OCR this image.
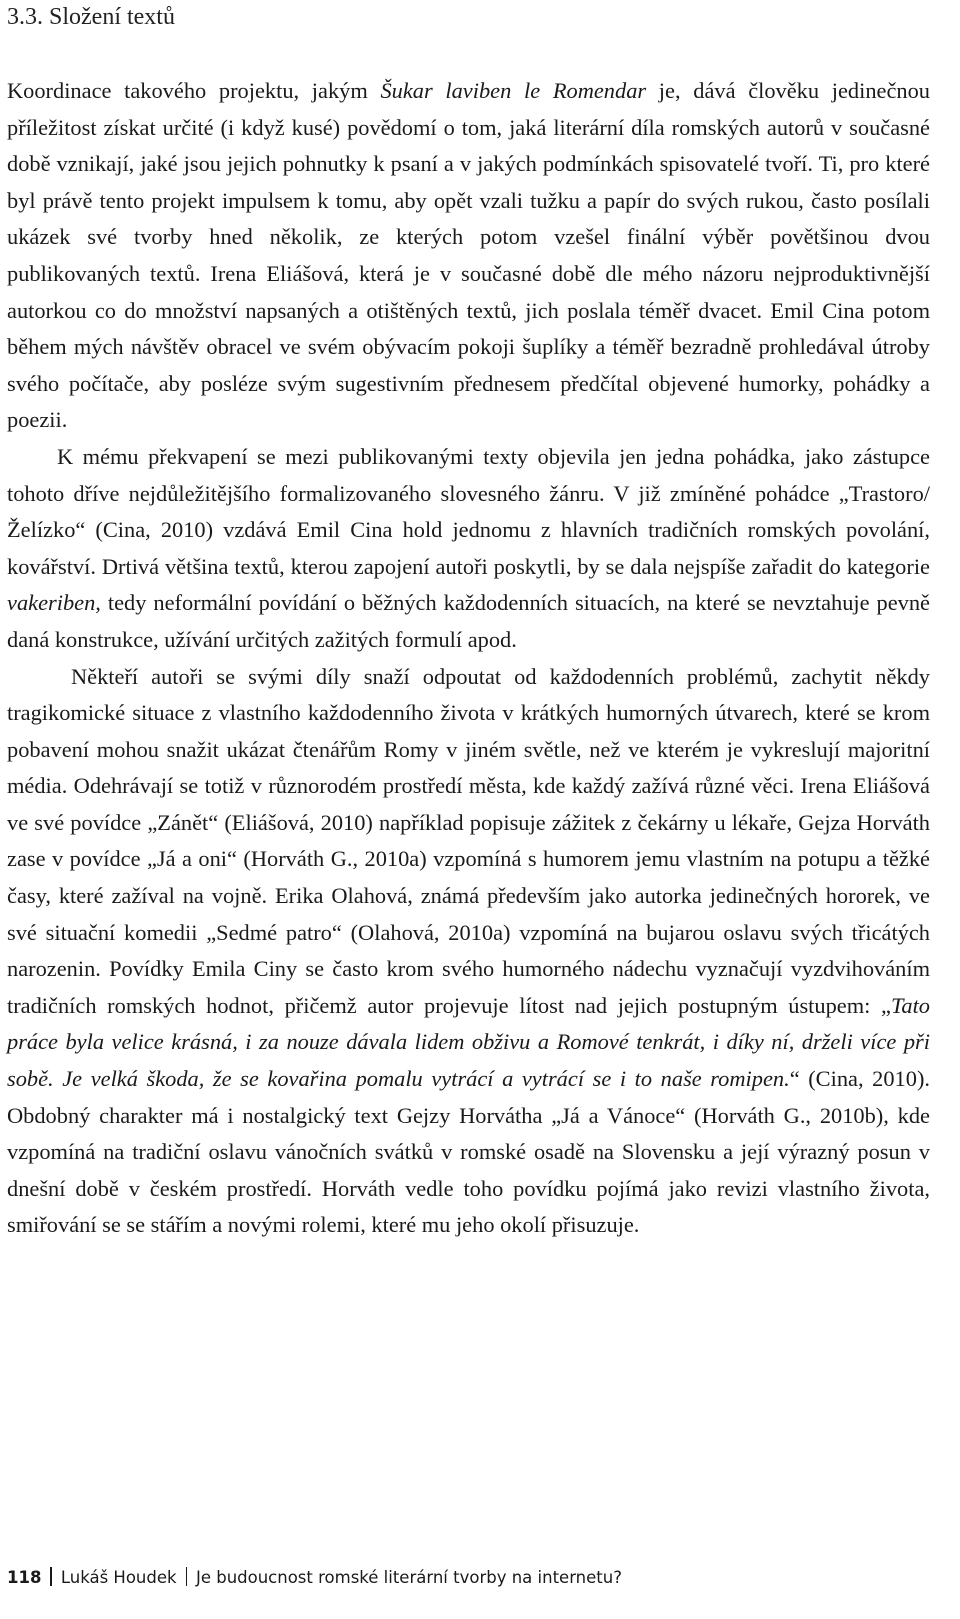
3.3. Složení textů

Koordinace takového projektu, jakým Šukar laviben le Romendar je, dává člověku jedinečnou příležitost získat určité (i když kusé) povědomí o tom, jaká literární díla romských autorů v současné době vznikají, jaké jsou jejich pohnutky k psaní a v jakých podmínkách spisovatelé tvoří. Ti, pro které byl právě tento projekt impulsem k tomu, aby opět vzali tužku a papír do svých rukou, často posílali ukázek své tvorby hned několik, ze kterých potom vzešel finální výběr povětšinou dvou publikovaných textů. Irena Eliášová, která je v současné době dle mého názoru nejproduktivnější autorkou co do množství napsaných a otištěných textů, jich poslala téměř dvacet. Emil Cina potom během mých návštěv obracel ve svém obývacím pokoji šuplíky a téměř bezradně prohledával útroby svého počítače, aby posléze svým sugestivním přednesem předčítal objevené humorky, pohádky a poezii.

K mému překvapení se mezi publikovanými texty objevila jen jedna pohádka, jako zástupce tohoto dříve nejdůležitějšího formalizovaného slovesného žánru. V již zmíněné pohádce „Trastoro/Želízko“ (Cina, 2010) vzdává Emil Cina hold jednomu z hlavních tradičních romských povolání, kovářství. Drtivá většina textů, kterou zapojení autoři poskytli, by se dala nejspíše zařadit do kategorie vakeriben, tedy neformální povídání o běžných každodenních situacích, na které se nevztahuje pevně daná konstrukce, užívání určitých zažitých formulí apod.

Někteří autoři se svými díly snaží odpoutat od každodenních problémů, zachytit někdy tragikomické situace z vlastního každodenního života v krátkých humorných útvarech, které se krom pobavení mohou snažit ukázat čtenářům Romy v jiném světle, než ve kterém je vykreslují majoritní média. Odehrávají se totiž v různorodém prostředí města, kde každý zažívá různé věci. Irena Eliášová ve své povídce „Zánět“ (Eliášová, 2010) například popisuje zážitek z čekárny u lékaře, Gejza Horváth zase v povídce „Já a oni“ (Horváth G., 2010a) vzpomíná s humorem jemu vlastním na potupu a těžké časy, které zažíval na vojně. Erika Olahová, známá především jako autorka jedinečných hororek, ve své situační komedii „Sedmé patro“ (Olahová, 2010a) vzpomíná na bujarou oslavu svých třicátých narozenin. Povídky Emila Ciny se často krom svého humorného nádechu vyznačují vyzdvihováním tradičních romských hodnot, přičemž autor projevuje lítost nad jejich postupným ústupem: „Tato práce byla velice krásná, i za nouze dávala lidem obživu a Romové tenkrát, i díky ní, drželi více při sobě. Je velká škoda, že se kovařina pomalu vytrácí a vytrácí se i to naše romipen.“ (Cina, 2010). Obdobný charakter má i nostalgický text Gejzy Horvátha „Já a Vánoce“ (Horváth G., 2010b), kde vzpomíná na tradiční oslavu vánočních svátků v romské osadě na Slovensku a její výrazný posun v dnešní době v českém prostředí. Horváth vedle toho povídku pojímá jako revizi vlastního života, smiřování se se stářím a novými rolemi, které mu jeho okolí přisuzuje.

118 Lukáš Houdek Je budoucnost romské literární tvorby na internetu?
